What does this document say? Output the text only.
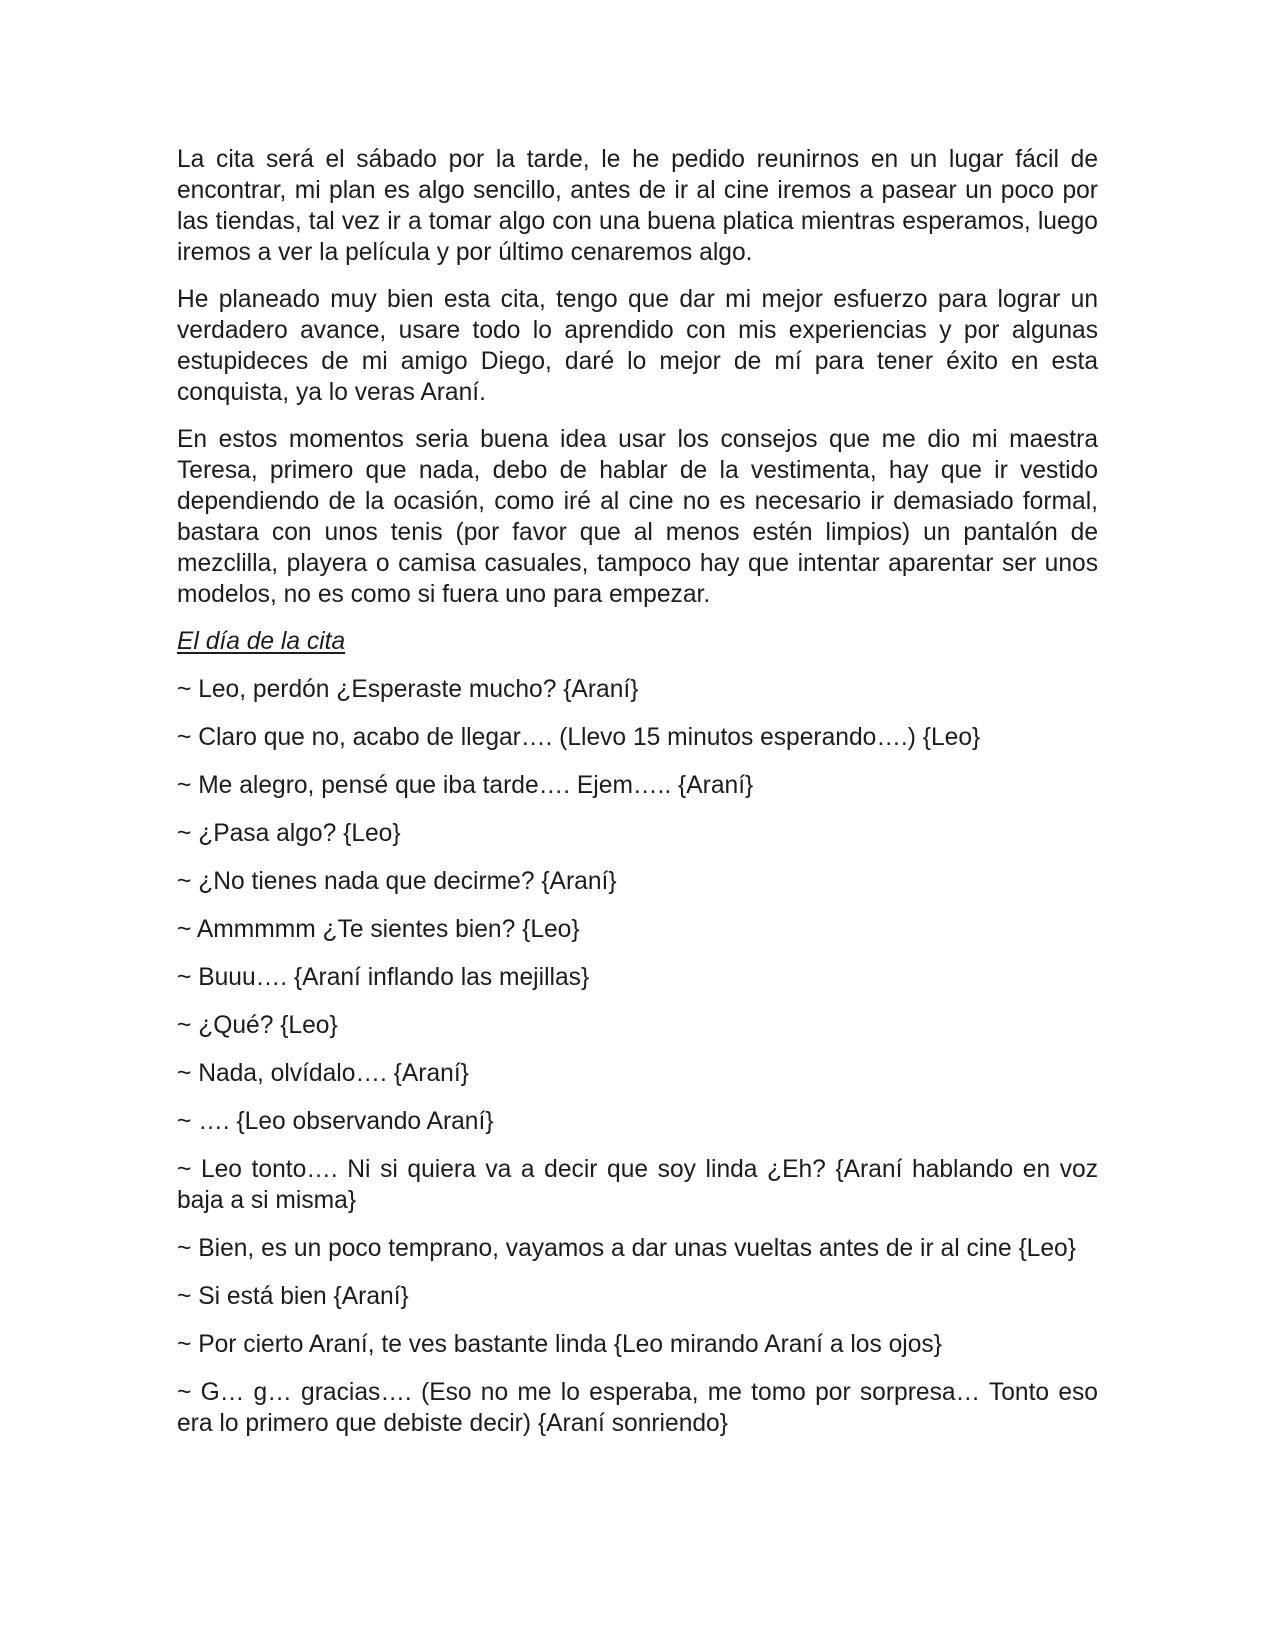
La cita será el sábado por la tarde, le he pedido reunirnos en un lugar fácil de encontrar, mi plan es algo sencillo, antes de ir al cine iremos a pasear un poco por las tiendas, tal vez ir a tomar algo con una buena platica mientras esperamos, luego iremos a ver la película y por último cenaremos algo.

He planeado muy bien esta cita, tengo que dar mi mejor esfuerzo para lograr un verdadero avance, usare todo lo aprendido con mis experiencias y por algunas estupideces de mi amigo Diego, daré lo mejor de mí para tener éxito en esta conquista, ya lo veras Araní.

En estos momentos seria buena idea usar los consejos que me dio mi maestra Teresa, primero que nada, debo de hablar de la vestimenta, hay que ir vestido dependiendo de la ocasión, como iré al cine no es necesario ir demasiado formal, bastara con unos tenis (por favor que al menos estén limpios) un pantalón de mezclilla, playera o camisa casuales, tampoco hay que intentar aparentar ser unos modelos, no es como si fuera uno para empezar.

El día de la cita

~ Leo, perdón ¿Esperaste mucho? {Araní}

~ Claro que no, acabo de llegar…. (Llevo 15 minutos esperando….) {Leo}

~ Me alegro, pensé que iba tarde…. Ejem….. {Araní}

~ ¿Pasa algo? {Leo}

~ ¿No tienes nada que decirme? {Araní}

~ Ammmmm ¿Te sientes bien? {Leo}

~ Buuu…. {Araní inflando las mejillas}

~ ¿Qué? {Leo}

~ Nada, olvídalo…. {Araní}

~ …. {Leo observando Araní}

~ Leo tonto…. Ni si quiera va a decir que soy linda ¿Eh? {Araní hablando en voz baja a si misma}

~ Bien, es un poco temprano, vayamos a dar unas vueltas antes de ir al cine {Leo}

~ Si está bien {Araní}

~ Por cierto Araní, te ves bastante linda {Leo mirando Araní a los ojos}

~ G… g… gracias…. (Eso no me lo esperaba, me tomo por sorpresa… Tonto eso era lo primero que debiste decir) {Araní sonriendo}
